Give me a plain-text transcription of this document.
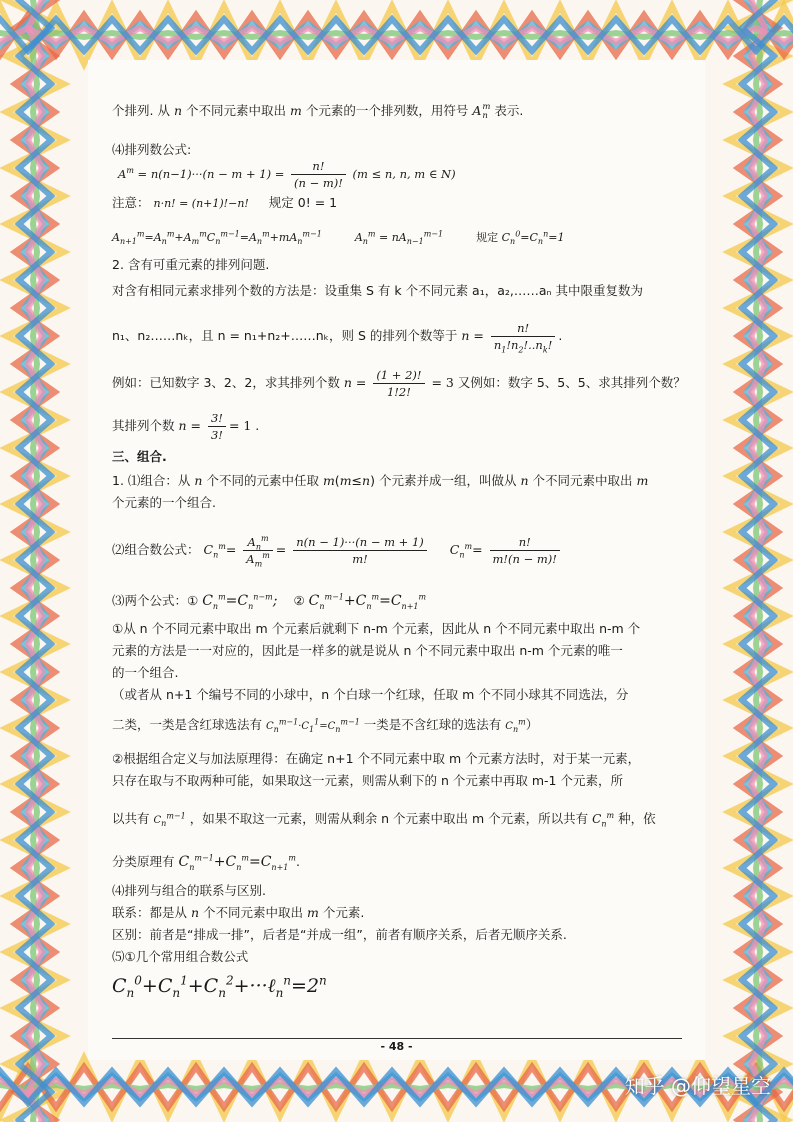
个排列. 从 n 个不同元素中取出 m 个元素的一个排列数，用符号 A m
n 表示.
⑷排列数公式:
$A^m = n(n-1)\cdot\cdot\cdot(n - m + 1) = \frac{n!}{(n - m)!} (m \le n$, n, m ∈ N)
注意： n·n! = (n+1)!−n! 规定 0! = 1
$A_{n+1}^m=A_n^m+A_m^mC_n^{m-1}=A_n^m+mA_n^{m-1}$	$A_n^m = nA_{n-1}^{m-1}$	规定 $C_n^0=C_n^n=1$
2. 含有可重元素的排列问题.
对含有相同元素求排列个数的方法是：设重集 S 有 k 个不同元素 a₁，a₂,……aₙ 其中限重复数为
n₁、n₂……nₖ，且 n = n₁+n₂+……nₖ，则 S 的排列个数等于 $n = \frac{n!}{n_1!n_2!..n_k!}$ .
例如：已知数字 3、2、2，求其排列个数 $n = \frac{(1 + 2)!}{1!2!} = 3$ 又例如：数字 5、5、5、求其排列个数？
其排列个数 $n = \frac{3!}{3!} = 1$ .
三、组合.
1. ⑴组合：从 n 个不同的元素中任取 m(m≤n) 个元素并成一组，叫做从 n 个不同元素中取出 m
个元素的一个组合.
⑵组合数公式： $C_n^m= \frac{A_n^m}{A_m^m} = \frac{n(n - 1)\cdot\cdot\cdot(n - m + 1)}{m!} C_n^m= \frac{n!}{m!(n - m)!}$
⑶两个公式：① $C_n^m=C_n^{n-m}$; ② $C_n^{m-1}+C_n^m=C_{n+1}^m$
①从 n 个不同元素中取出 m 个元素后就剩下 n-m 个元素，因此从 n 个不同元素中取出 n-m 个
元素的方法是一一对应的，因此是一样多的就是说从 n 个不同元素中取出 n-m 个元素的唯一
的一个组合.
（或者从 n+1 个编号不同的小球中，n 个白球一个红球，任取 m 个不同小球其不同选法，分
二类，一类是含红球选法有 $C_n^{m-1}\cdot C_1^1=C_n^{m-1}$ 一类是不含红球的选法有 $C_n^m$）
②根据组合定义与加法原理得：在确定 n+1 个不同元素中取 m 个元素方法时，对于某一元素，
只存在取与不取两种可能，如果取这一元素，则需从剩下的 n 个元素中再取 m-1 个元素，所
以共有 $C_n^{m-1}$ ，如果不取这一元素，则需从剩余 n 个元素中取出 m 个元素，所以共有 $C_n^m$ 种，依
分类原理有 $C_n^{m-1}+C_n^m=C_{n+1}^m$.
⑷排列与组合的联系与区别.
联系：都是从 n 个不同元素中取出 m 个元素.
区别：前者是“排成一排”，后者是“并成一组”，前者有顺序关系，后者无顺序关系.
⑸①几个常用组合数公式
$C_n^0+C_n^1+C_n^2+\cdot\cdot\cdot\ell_n^n=2^n$
- 48 -
知乎 @仰望星空
